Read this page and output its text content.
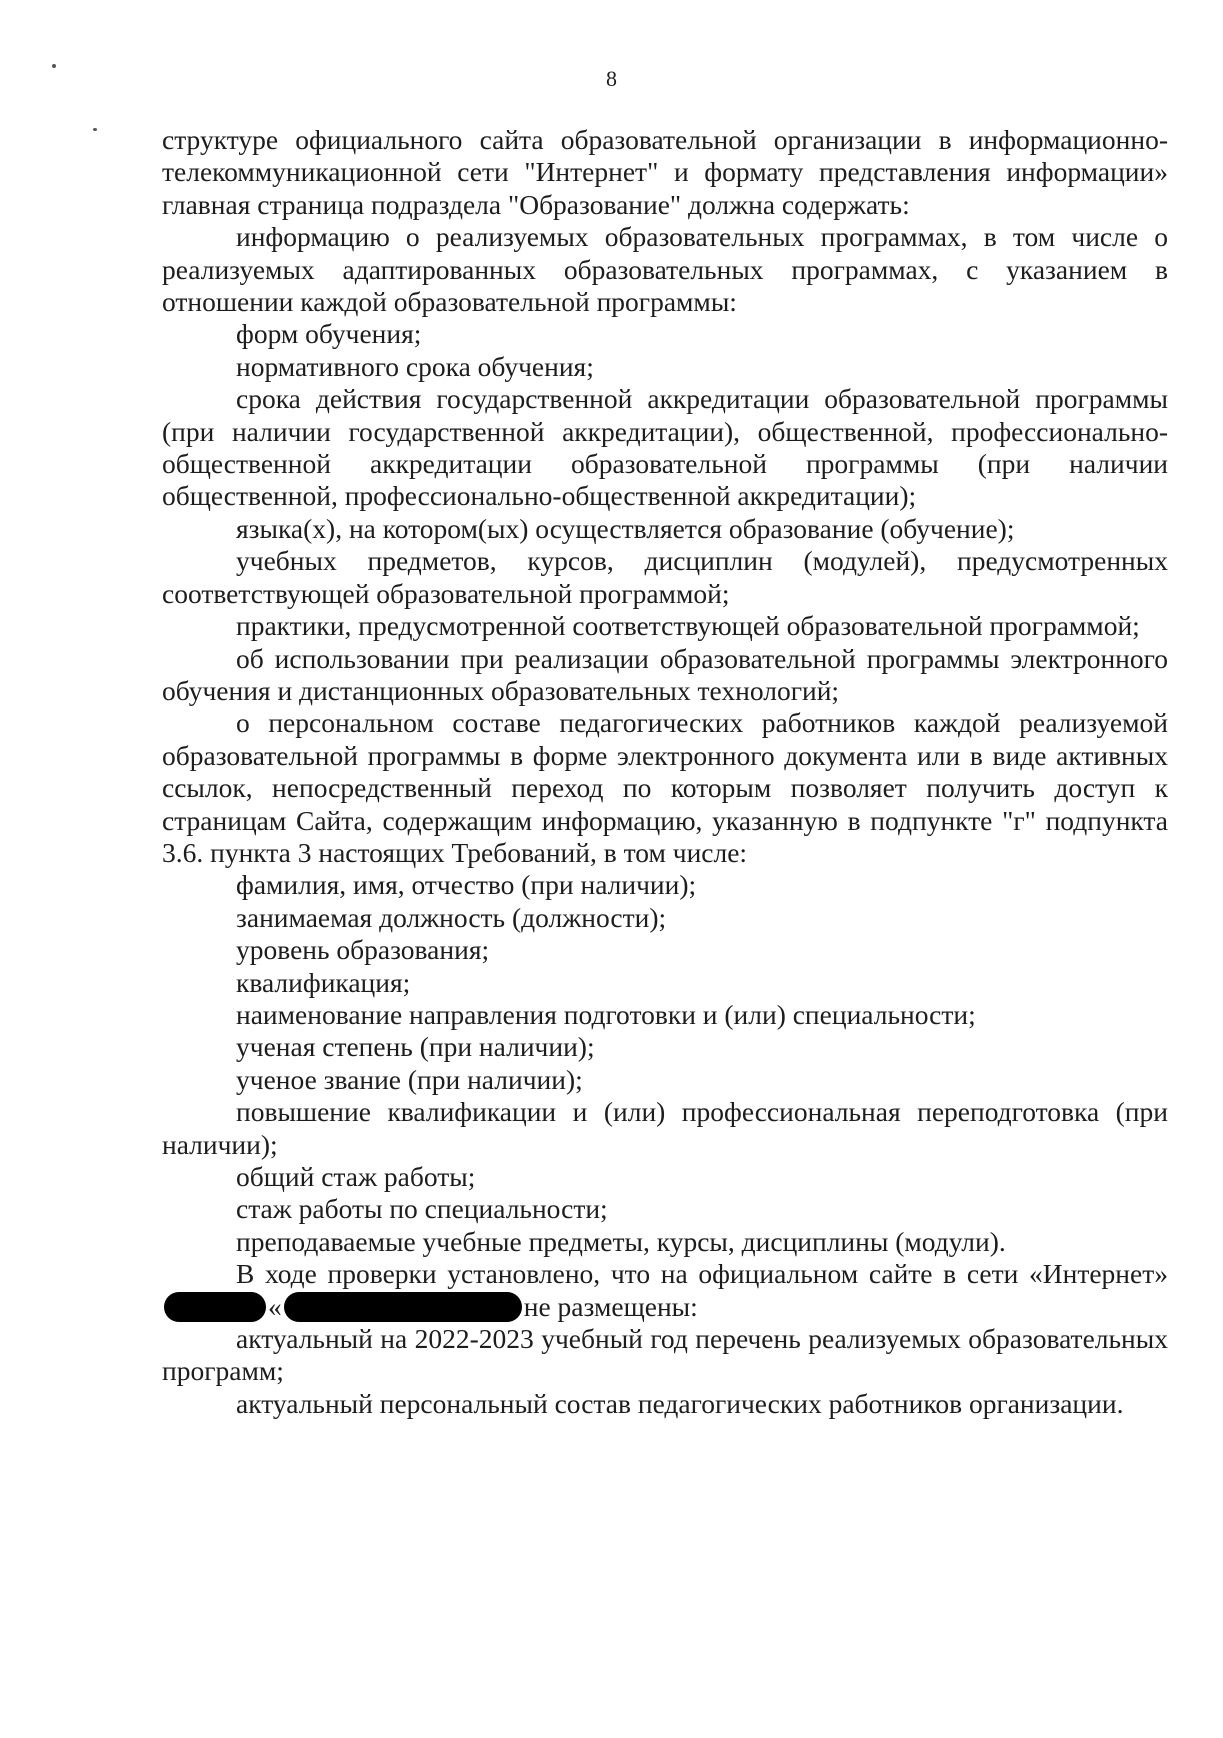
8

структуре официального сайта образовательной организации в информационно-телекоммуникационной сети "Интернет" и формату представления информации» главная страница подраздела "Образование" должна содержать:

информацию о реализуемых образовательных программах, в том числе о реализуемых адаптированных образовательных программах, с указанием в отношении каждой образовательной программы:

форм обучения;

нормативного срока обучения;

срока действия государственной аккредитации образовательной программы (при наличии государственной аккредитации), общественной, профессионально-общественной аккредитации образовательной программы (при наличии общественной, профессионально-общественной аккредитации);

языка(х), на котором(ых) осуществляется образование (обучение);

учебных предметов, курсов, дисциплин (модулей), предусмотренных соответствующей образовательной программой;

практики, предусмотренной соответствующей образовательной программой;

об использовании при реализации образовательной программы электронного обучения и дистанционных образовательных технологий;

о персональном составе педагогических работников каждой реализуемой образовательной программы в форме электронного документа или в виде активных ссылок, непосредственный переход по которым позволяет получить доступ к страницам Сайта, содержащим информацию, указанную в подпункте "г" подпункта 3.6. пункта 3 настоящих Требований, в том числе:

фамилия, имя, отчество (при наличии);

занимаемая должность (должности);

уровень образования;

квалификация;

наименование направления подготовки и (или) специальности;

ученая степень (при наличии);

ученое звание (при наличии);

повышение квалификации и (или) профессиональная переподготовка (при наличии);

общий стаж работы;

стаж работы по специальности;

преподаваемые учебные предметы, курсы, дисциплины (модули).

В ходе проверки установлено, что на официальном сайте в сети «Интернет»«	не размещены:

актуальный на 2022-2023 учебный год перечень реализуемых образовательных программ;

актуальный персональный состав педагогических работников организации.
